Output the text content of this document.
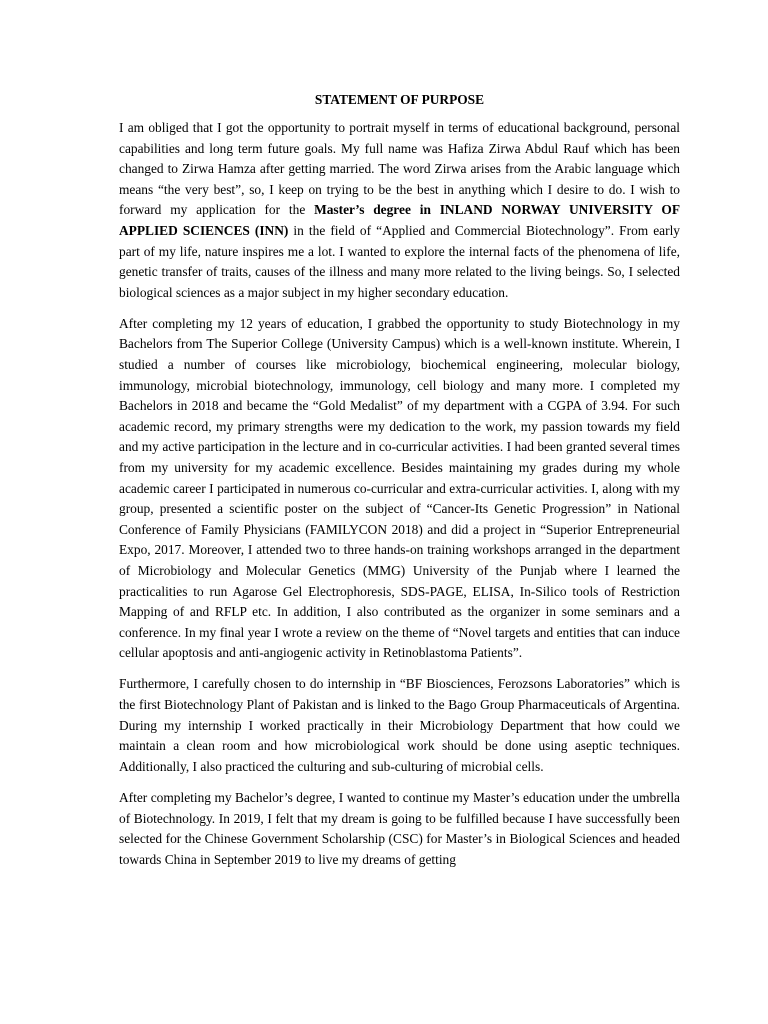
STATEMENT OF PURPOSE

I am obliged that I got the opportunity to portrait myself in terms of educational background, personal capabilities and long term future goals. My full name was Hafiza Zirwa Abdul Rauf which has been changed to Zirwa Hamza after getting married. The word Zirwa arises from the Arabic language which means “the very best”, so, I keep on trying to be the best in anything which I desire to do. I wish to forward my application for the Master’s degree in INLAND NORWAY UNIVERSITY OF APPLIED SCIENCES (INN) in the field of “Applied and Commercial Biotechnology”. From early part of my life, nature inspires me a lot. I wanted to explore the internal facts of the phenomena of life, genetic transfer of traits, causes of the illness and many more related to the living beings. So, I selected biological sciences as a major subject in my higher secondary education.

After completing my 12 years of education, I grabbed the opportunity to study Biotechnology in my Bachelors from The Superior College (University Campus) which is a well-known institute. Wherein, I studied a number of courses like microbiology, biochemical engineering, molecular biology, immunology, microbial biotechnology, immunology, cell biology and many more. I completed my Bachelors in 2018 and became the “Gold Medalist” of my department with a CGPA of 3.94. For such academic record, my primary strengths were my dedication to the work, my passion towards my field and my active participation in the lecture and in co-curricular activities. I had been granted several times from my university for my academic excellence. Besides maintaining my grades during my whole academic career I participated in numerous co-curricular and extra-curricular activities. I, along with my group, presented a scientific poster on the subject of “Cancer-Its Genetic Progression” in National Conference of Family Physicians (FAMILYCON 2018) and did a project in “Superior Entrepreneurial Expo, 2017. Moreover, I attended two to three hands-on training workshops arranged in the department of Microbiology and Molecular Genetics (MMG) University of the Punjab where I learned the practicalities to run Agarose Gel Electrophoresis, SDS-PAGE, ELISA, In-Silico tools of Restriction Mapping of and RFLP etc. In addition, I also contributed as the organizer in some seminars and a conference. In my final year I wrote a review on the theme of “Novel targets and entities that can induce cellular apoptosis and anti-angiogenic activity in Retinoblastoma Patients”.

Furthermore, I carefully chosen to do internship in “BF Biosciences, Ferozsons Laboratories” which is the first Biotechnology Plant of Pakistan and is linked to the Bago Group Pharmaceuticals of Argentina. During my internship I worked practically in their Microbiology Department that how could we maintain a clean room and how microbiological work should be done using aseptic techniques. Additionally, I also practiced the culturing and sub-culturing of microbial cells.

After completing my Bachelor’s degree, I wanted to continue my Master’s education under the umbrella of Biotechnology. In 2019, I felt that my dream is going to be fulfilled because I have successfully been selected for the Chinese Government Scholarship (CSC) for Master’s in Biological Sciences and headed towards China in September 2019 to live my dreams of getting
